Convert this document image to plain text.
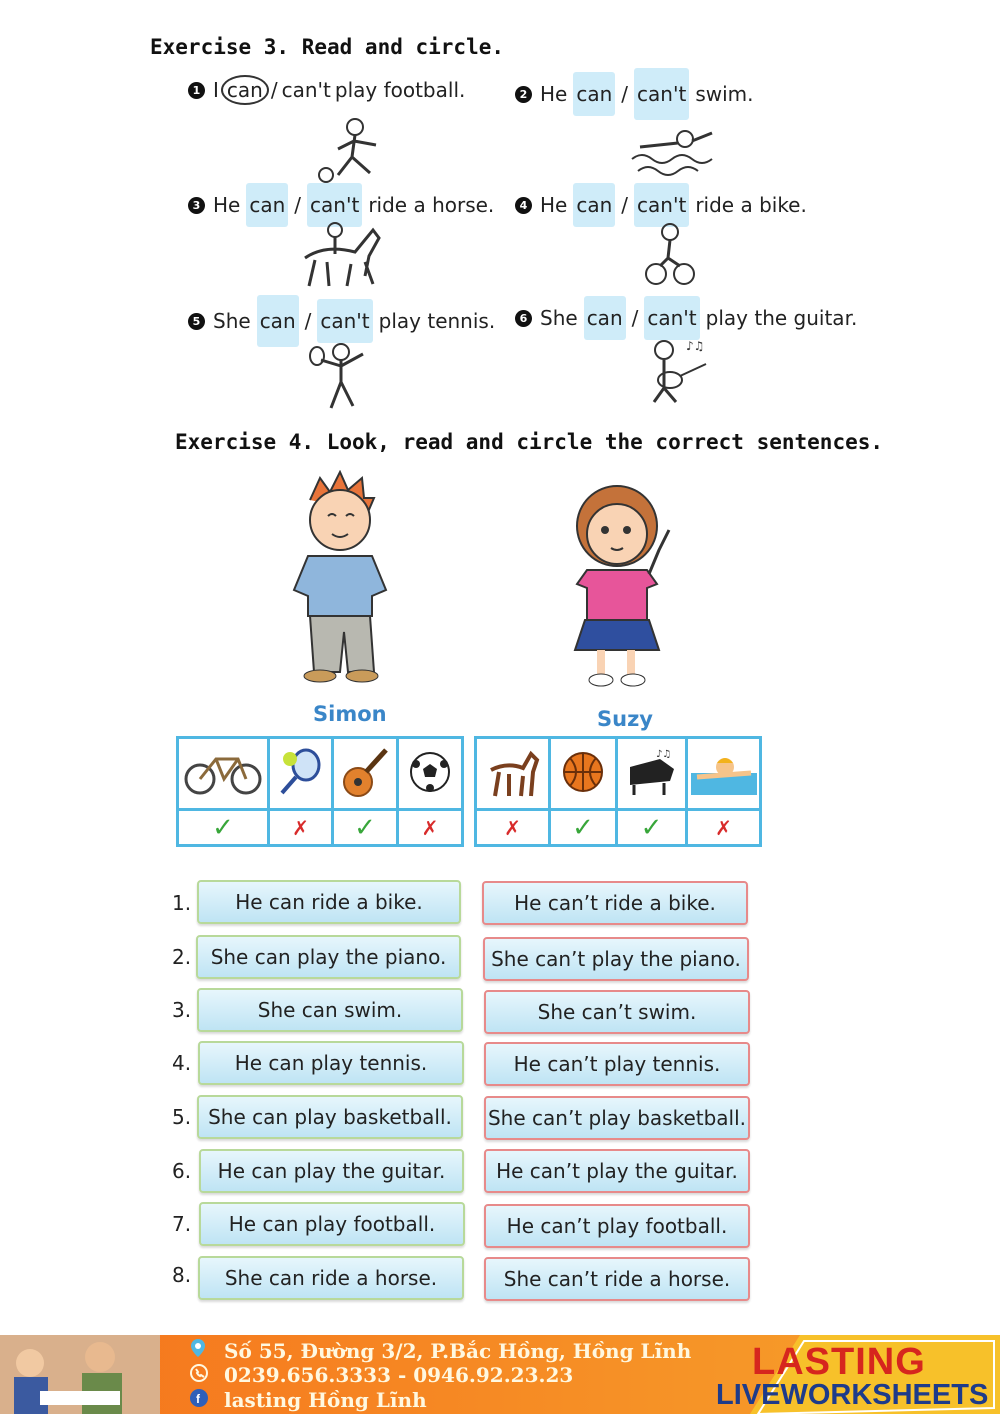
Exercise 3. Read and circle.
1 I can / can't play football.	2 He can / can't swim.
3 He can / can't ride a horse.	4 He can / can't ride a bike.
5 She can / can't play tennis.	6 She can / can't play the guitar.
♪♫
Exercise 4. Look, read and circle the correct sentences.
Simon	Suzy

✓	✗	✓	✗

♪♫

✗	✓	✓	✗
1.	He can ride a bike.	He can’t ride a bike.
2. She can play the piano.	She can’t play the piano.
3.	She can swim.	She can’t swim.
4.	He can play tennis.	He can’t play tennis.
5. She can play basketball.	She can’t play basketball.
6.	He can play the guitar.	He can’t play the guitar.
7.	He can play football.	He can’t play football.
8.	She can ride a horse.	She can’t ride a horse.
Số 55, Đường 3/2, P.Bắc Hồng, Hồng Lĩnh
0239.656.3333 - 0946.92.23.23
f lasting Hồng Lĩnh
LASTING
LIVEWORKSHEETS
